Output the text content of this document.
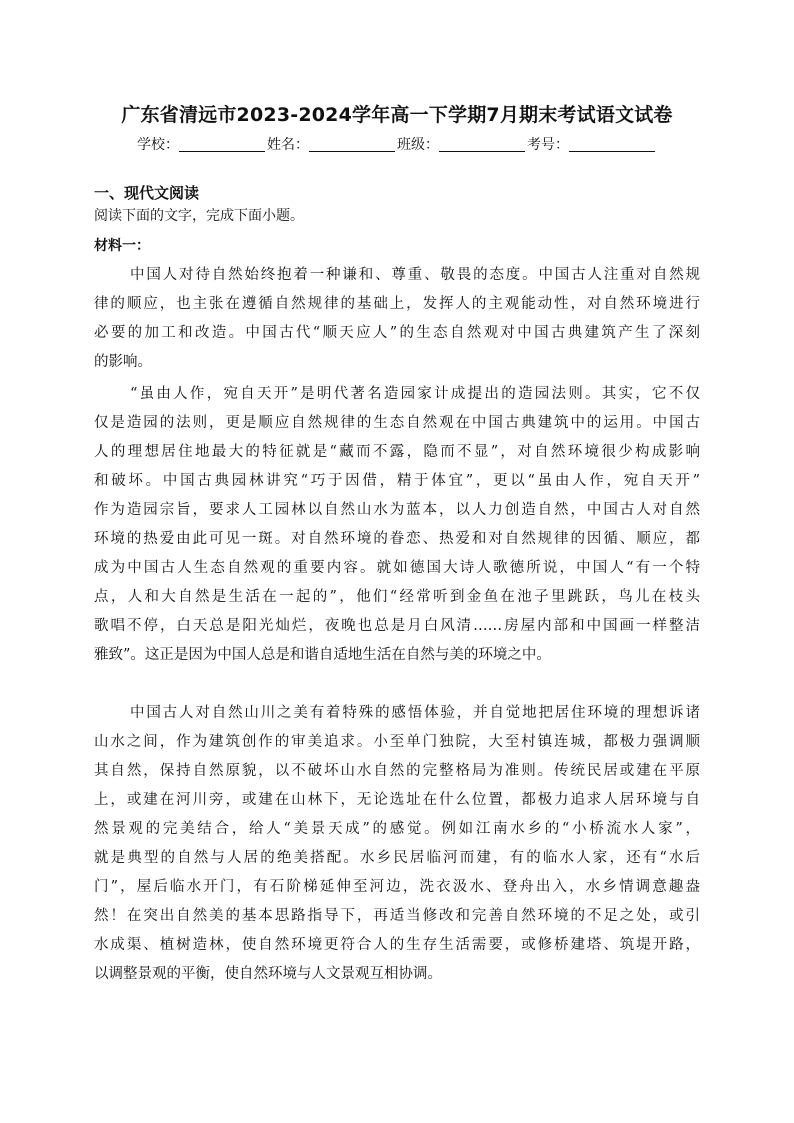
广东省清远市2023-2024学年高一下学期7月期末考试语文试卷
学校：	姓名：	班级：	考号：
一、现代文阅读
阅读下面的文字，完成下面小题。
材料一：
中国人对待自然始终抱着一种谦和、尊重、敬畏的态度。中国古人注重对自然规
律的顺应，也主张在遵循自然规律的基础上，发挥人的主观能动性，对自然环境进行
必要的加工和改造。中国古代“顺天应人”的生态自然观对中国古典建筑产生了深刻
的影响。
“虽由人作，宛自天开”是明代著名造园家计成提出的造园法则。其实，它不仅
仅是造园的法则，更是顺应自然规律的生态自然观在中国古典建筑中的运用。中国古
人的理想居住地最大的特征就是“藏而不露，隐而不显”，对自然环境很少构成影响
和破坏。中国古典园林讲究“巧于因借，精于体宜”，更以“虽由人作，宛自天开”
作为造园宗旨，要求人工园林以自然山水为蓝本，以人力创造自然，中国古人对自然
环境的热爱由此可见一斑。对自然环境的眷恋、热爱和对自然规律的因循、顺应，都
成为中国古人生态自然观的重要内容。就如德国大诗人歌德所说，中国人“有一个特
点，人和大自然是生活在一起的”，他们“经常听到金鱼在池子里跳跃，鸟儿在枝头
歌唱不停，白天总是阳光灿烂，夜晚也总是月白风清……房屋内部和中国画一样整洁
雅致”。这正是因为中国人总是和谐自适地生活在自然与美的环境之中。
中国古人对自然山川之美有着特殊的感悟体验，并自觉地把居住环境的理想诉诸
山水之间，作为建筑创作的审美追求。小至单门独院，大至村镇连城，都极力强调顺
其自然，保持自然原貌，以不破坏山水自然的完整格局为准则。传统民居或建在平原
上，或建在河川旁，或建在山林下，无论选址在什么位置，都极力追求人居环境与自
然景观的完美结合，给人“美景天成”的感觉。例如江南水乡的“小桥流水人家”，
就是典型的自然与人居的绝美搭配。水乡民居临河而建，有的临水人家，还有“水后
门”，屋后临水开门，有石阶梯延伸至河边，洗衣汲水、登舟出入，水乡情调意趣盎
然！在突出自然美的基本思路指导下，再适当修改和完善自然环境的不足之处，或引
水成渠、植树造林，使自然环境更符合人的生存生活需要，或修桥建塔、筑堤开路，
以调整景观的平衡，使自然环境与人文景观互相协调。
